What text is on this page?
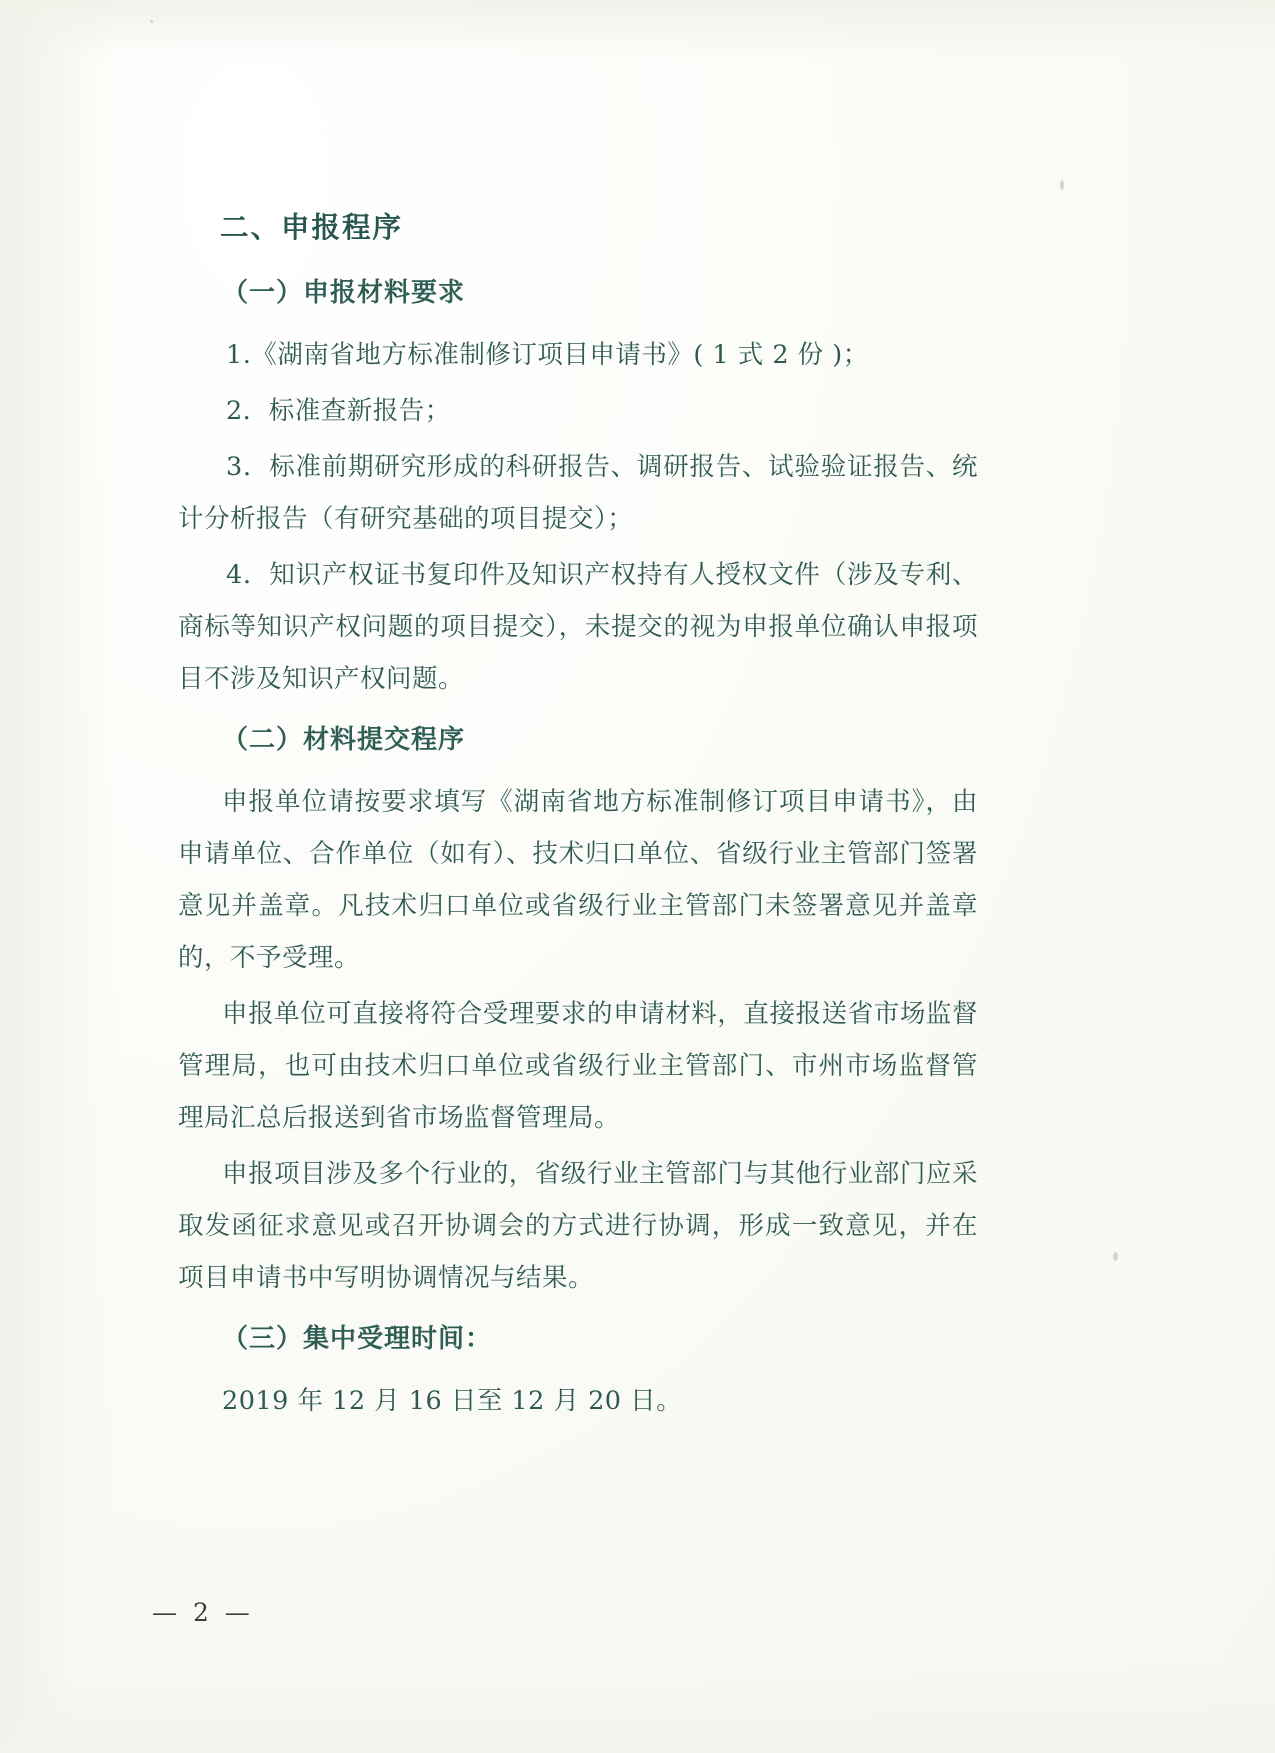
二、申报程序
（一）申报材料要求

1.《湖南省地方标准制修订项目申请书》( 1 式 2 份 )；

2．标准查新报告；

3．标准前期研究形成的科研报告、调研报告、试验验证报告、统计分析报告（有研究基础的项目提交）；

4．知识产权证书复印件及知识产权持有人授权文件（涉及专利、商标等知识产权问题的项目提交），未提交的视为申报单位确认申报项目不涉及知识产权问题。

（二）材料提交程序

申报单位请按要求填写《湖南省地方标准制修订项目申请书》，由申请单位、合作单位（如有）、技术归口单位、省级行业主管部门签署意见并盖章。凡技术归口单位或省级行业主管部门未签署意见并盖章的，不予受理。

申报单位可直接将符合受理要求的申请材料，直接报送省市场监督管理局，也可由技术归口单位或省级行业主管部门、市州市场监督管理局汇总后报送到省市场监督管理局。

申报项目涉及多个行业的，省级行业主管部门与其他行业部门应采取发函征求意见或召开协调会的方式进行协调，形成一致意见，并在项目申请书中写明协调情况与结果。

（三）集中受理时间：

2019 年 12 月 16 日至 12 月 20 日。

— 2 —
